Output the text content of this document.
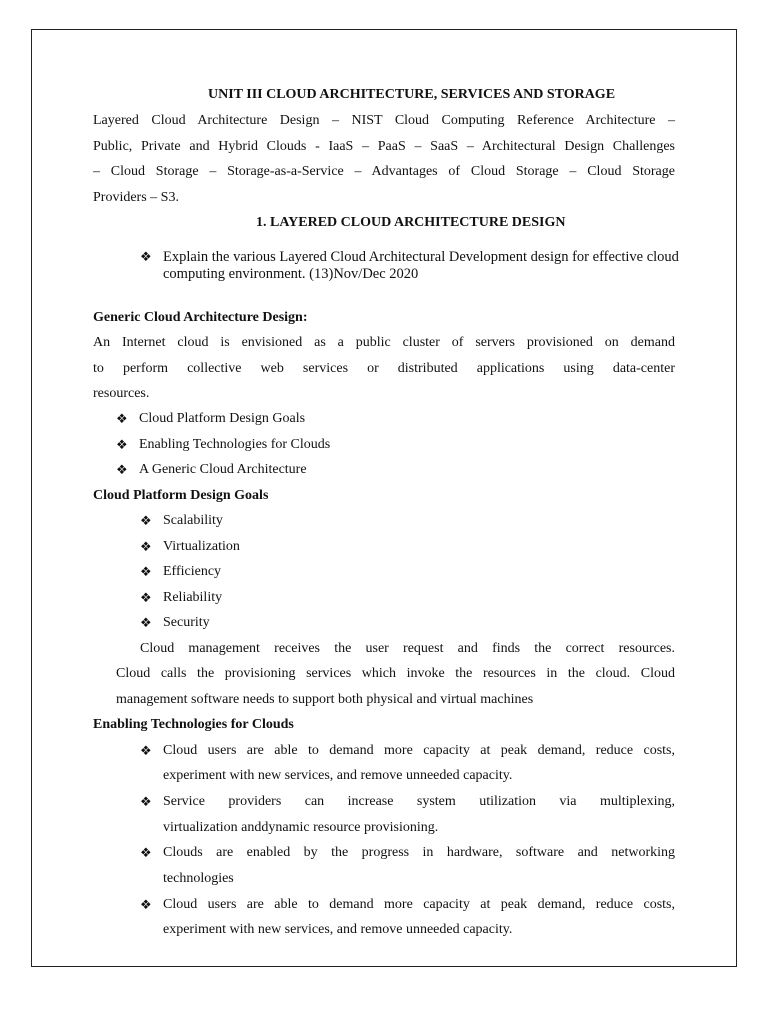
UNIT III CLOUD ARCHITECTURE, SERVICES AND STORAGE
Layered Cloud Architecture Design – NIST Cloud Computing Reference Architecture –
Public, Private and Hybrid Clouds - IaaS – PaaS – SaaS – Architectural Design Challenges
– Cloud Storage – Storage-as-a-Service – Advantages of Cloud Storage – Cloud Storage
Providers – S3.
1. LAYERED CLOUD ARCHITECTURE DESIGN
❖ Explain the various Layered Cloud Architectural Development design for effective cloud
computing environment. (13)Nov/Dec 2020
Generic Cloud Architecture Design:
An Internet cloud is envisioned as a public cluster of servers provisioned on demand
to perform collective web services or distributed applications using data-center
resources.
❖ Cloud Platform Design Goals
❖ Enabling Technologies for Clouds
❖ A Generic Cloud Architecture
Cloud Platform Design Goals
❖ Scalability
❖ Virtualization
❖ Efficiency
❖ Reliability
❖ Security
Cloud management receives the user request and finds the correct resources.
Cloud calls the provisioning services which invoke the resources in the cloud. Cloud
management software needs to support both physical and virtual machines
Enabling Technologies for Clouds
❖ Cloud users are able to demand more capacity at peak demand, reduce costs,
experiment with new services, and remove unneeded capacity.
❖ Service providers can increase system utilization via multiplexing,
virtualization anddynamic resource provisioning.
❖ Clouds are enabled by the progress in hardware, software and networking
technologies
❖ Cloud users are able to demand more capacity at peak demand, reduce costs,
experiment with new services, and remove unneeded capacity.
